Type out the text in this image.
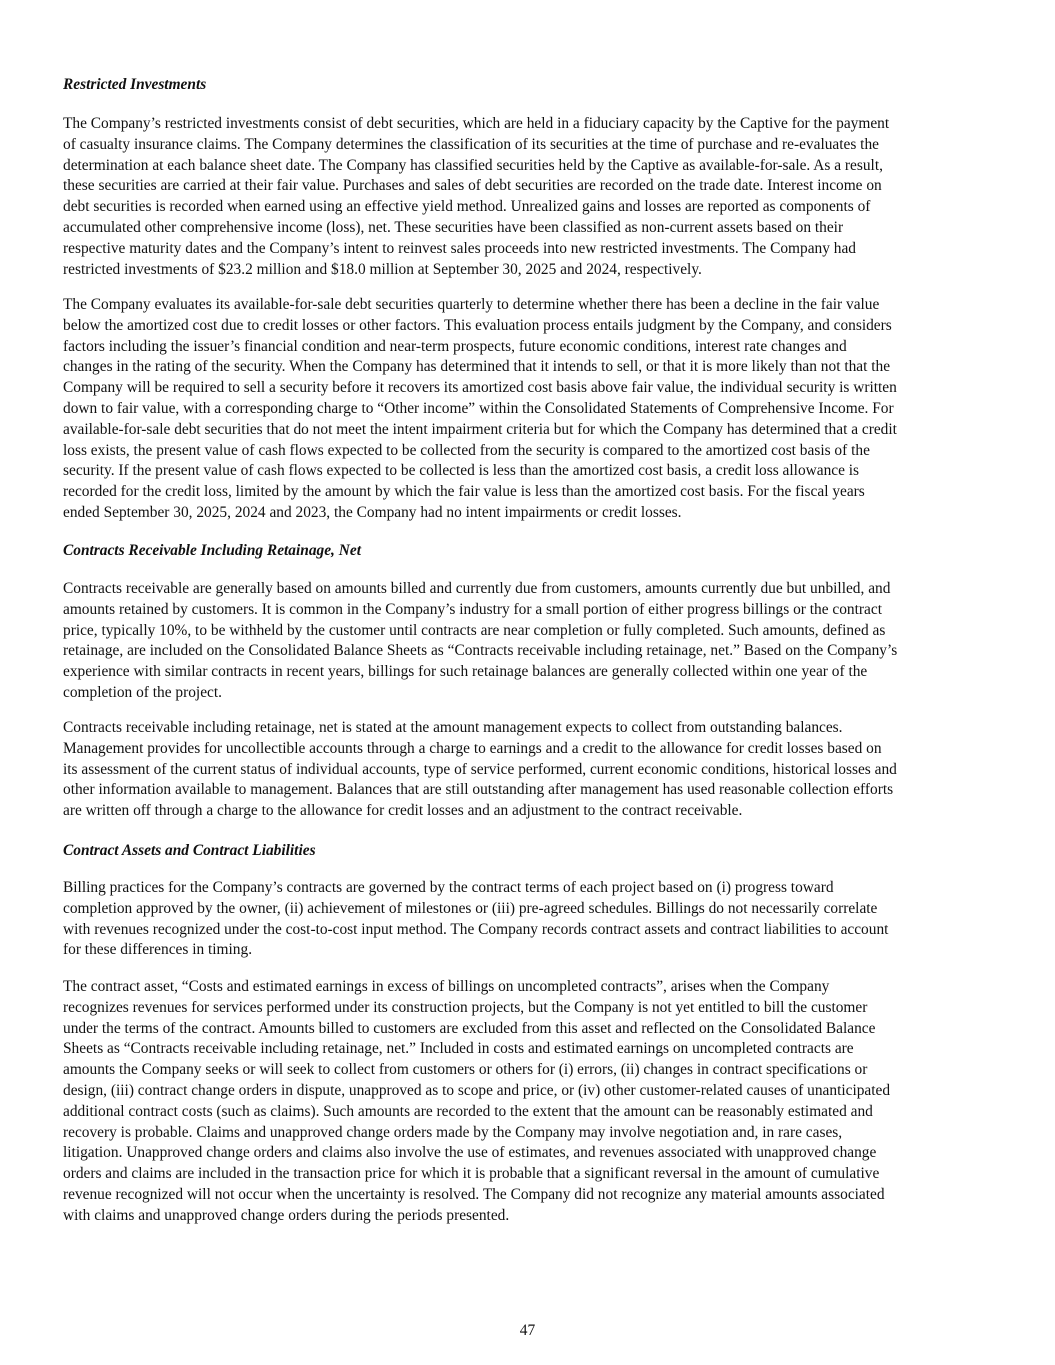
Restricted Investments

The Company’s restricted investments consist of debt securities, which are held in a fiduciary capacity by the Captive for the payment
of casualty insurance claims. The Company determines the classification of its securities at the time of purchase and re-evaluates the
determination at each balance sheet date. The Company has classified securities held by the Captive as available-for-sale. As a result,
these securities are carried at their fair value. Purchases and sales of debt securities are recorded on the trade date. Interest income on
debt securities is recorded when earned using an effective yield method. Unrealized gains and losses are reported as components of
accumulated other comprehensive income (loss), net. These securities have been classified as non-current assets based on their
respective maturity dates and the Company’s intent to reinvest sales proceeds into new restricted investments. The Company had
restricted investments of $23.2 million and $18.0 million at September 30, 2025 and 2024, respectively.

The Company evaluates its available-for-sale debt securities quarterly to determine whether there has been a decline in the fair value
below the amortized cost due to credit losses or other factors. This evaluation process entails judgment by the Company, and considers
factors including the issuer’s financial condition and near-term prospects, future economic conditions, interest rate changes and
changes in the rating of the security. When the Company has determined that it intends to sell, or that it is more likely than not that the
Company will be required to sell a security before it recovers its amortized cost basis above fair value, the individual security is written
down to fair value, with a corresponding charge to “Other income” within the Consolidated Statements of Comprehensive Income. For
available-for-sale debt securities that do not meet the intent impairment criteria but for which the Company has determined that a credit
loss exists, the present value of cash flows expected to be collected from the security is compared to the amortized cost basis of the
security. If the present value of cash flows expected to be collected is less than the amortized cost basis, a credit loss allowance is
recorded for the credit loss, limited by the amount by which the fair value is less than the amortized cost basis. For the fiscal years
ended September 30, 2025, 2024 and 2023, the Company had no intent impairments or credit losses.

Contracts Receivable Including Retainage, Net

Contracts receivable are generally based on amounts billed and currently due from customers, amounts currently due but unbilled, and
amounts retained by customers. It is common in the Company’s industry for a small portion of either progress billings or the contract
price, typically 10%, to be withheld by the customer until contracts are near completion or fully completed. Such amounts, defined as
retainage, are included on the Consolidated Balance Sheets as “Contracts receivable including retainage, net.” Based on the Company’s
experience with similar contracts in recent years, billings for such retainage balances are generally collected within one year of the
completion of the project.

Contracts receivable including retainage, net is stated at the amount management expects to collect from outstanding balances.
Management provides for uncollectible accounts through a charge to earnings and a credit to the allowance for credit losses based on
its assessment of the current status of individual accounts, type of service performed, current economic conditions, historical losses and
other information available to management. Balances that are still outstanding after management has used reasonable collection efforts
are written off through a charge to the allowance for credit losses and an adjustment to the contract receivable.

Contract Assets and Contract Liabilities

Billing practices for the Company’s contracts are governed by the contract terms of each project based on (i) progress toward
completion approved by the owner, (ii) achievement of milestones or (iii) pre-agreed schedules. Billings do not necessarily correlate
with revenues recognized under the cost-to-cost input method. The Company records contract assets and contract liabilities to account
for these differences in timing.

The contract asset, “Costs and estimated earnings in excess of billings on uncompleted contracts”, arises when the Company
recognizes revenues for services performed under its construction projects, but the Company is not yet entitled to bill the customer
under the terms of the contract. Amounts billed to customers are excluded from this asset and reflected on the Consolidated Balance
Sheets as “Contracts receivable including retainage, net.” Included in costs and estimated earnings on uncompleted contracts are
amounts the Company seeks or will seek to collect from customers or others for (i) errors, (ii) changes in contract specifications or
design, (iii) contract change orders in dispute, unapproved as to scope and price, or (iv) other customer-related causes of unanticipated
additional contract costs (such as claims). Such amounts are recorded to the extent that the amount can be reasonably estimated and
recovery is probable. Claims and unapproved change orders made by the Company may involve negotiation and, in rare cases,
litigation. Unapproved change orders and claims also involve the use of estimates, and revenues associated with unapproved change
orders and claims are included in the transaction price for which it is probable that a significant reversal in the amount of cumulative
revenue recognized will not occur when the uncertainty is resolved. The Company did not recognize any material amounts associated
with claims and unapproved change orders during the periods presented.

47
